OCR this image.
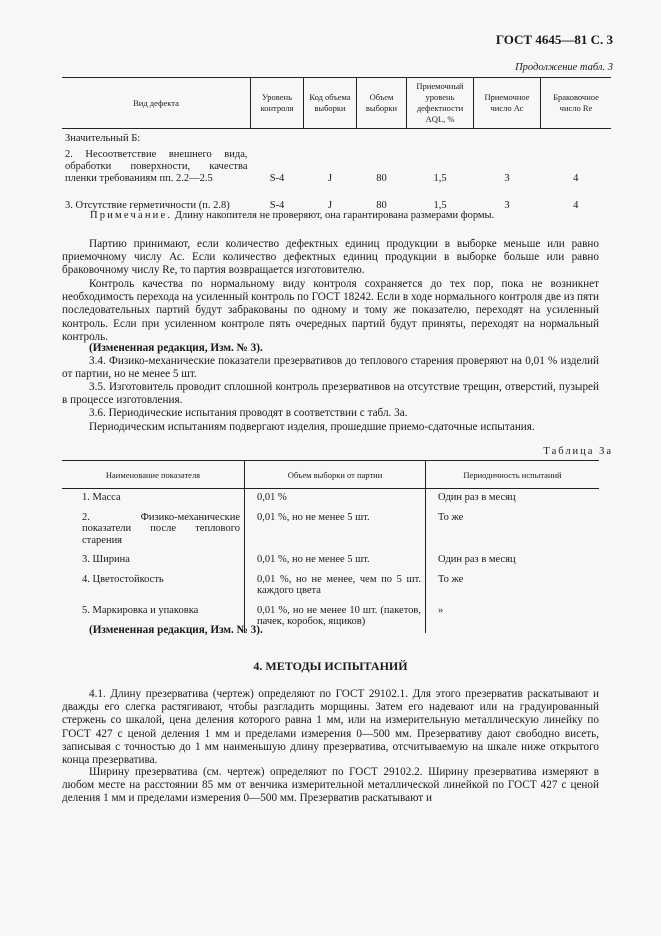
ГОСТ 4645—81 С. 3
Продолжение табл. 3
Вид дефекта	Уровень контроля	Код объема выборки	Объем выборки	Приемочный уровень дефектности AQL, %	Приемочное число Ас	Браковочное число Re
Значительный Б:						
2. Несоответствие внешнего вида, обработки поверхности, качества пленки требованиям пп. 2.2—2.5	S-4	J	80	1,5	3	4
3. Отсутствие герметичности (п. 2.8)	S-4	J	80	1,5	3	4
Примечание. Длину накопителя не проверяют, она гарантирована размерами формы.
Партию принимают, если количество дефектных единиц продукции в выборке меньше или равно приемочному числу Ас. Если количество дефектных единиц продукции в выборке больше или равно браковочному числу Re, то партия возвращается изготовителю.
Контроль качества по нормальному виду контроля сохраняется до тех пор, пока не возникнет необходимость перехода на усиленный контроль по ГОСТ 18242. Если в ходе нормального контроля две из пяти последовательных партий будут забракованы по одному и тому же показателю, переходят на усиленный контроль. Если при усиленном контроле пять очередных партий будут приняты, переходят на нормальный контроль.
(Измененная редакция, Изм. № 3).
3.4. Физико-механические показатели презервативов до теплового старения проверяют на 0,01 % изделий от партии, но не менее 5 шт.
3.5. Изготовитель проводит сплошной контроль презервативов на отсутствие трещин, отверстий, пузырей в процессе изготовления.
3.6. Периодические испытания проводят в соответствии с табл. 3а.
Периодическим испытаниям подвергают изделия, прошедшие приемо-сдаточные испытания.
Таблица 3а
Наименование показателя	Объем выборки от партии	Периодичность испытаний
1. Масса	0,01 %	Один раз в месяц
2. Физико-механические показатели после теплового старения	0,01 %, но не менее 5 шт.	То же
3. Ширина	0,01 %, но не менее 5 шт.	Один раз в месяц
4. Цветостойкость	0,01 %, но не менее, чем по 5 шт. каждого цвета	То же
5. Маркировка и упаковка	0,01 %, но не менее 10 шт. (пакетов, пачек, коробок, ящиков)	»
(Измененная редакция, Изм. № 3).
4. МЕТОДЫ ИСПЫТАНИЙ
4.1. Длину презерватива (чертеж) определяют по ГОСТ 29102.1. Для этого презерватив раскатывают и дважды его слегка растягивают, чтобы разгладить морщины. Затем его надевают или на градуированный стержень со шкалой, цена деления которого равна 1 мм, или на измерительную металлическую линейку по ГОСТ 427 с ценой деления 1 мм и пределами измерения 0—500 мм. Презервативу дают свободно висеть, записывая с точностью до 1 мм наименьшую длину презерватива, отсчитываемую на шкале ниже открытого конца презерватива.
Ширину презерватива (см. чертеж) определяют по ГОСТ 29102.2. Ширину презерватива измеряют в любом месте на расстоянии 85 мм от венчика измерительной металлической линейкой по ГОСТ 427 с ценой деления 1 мм и пределами измерения 0—500 мм. Презерватив раскатывают и
